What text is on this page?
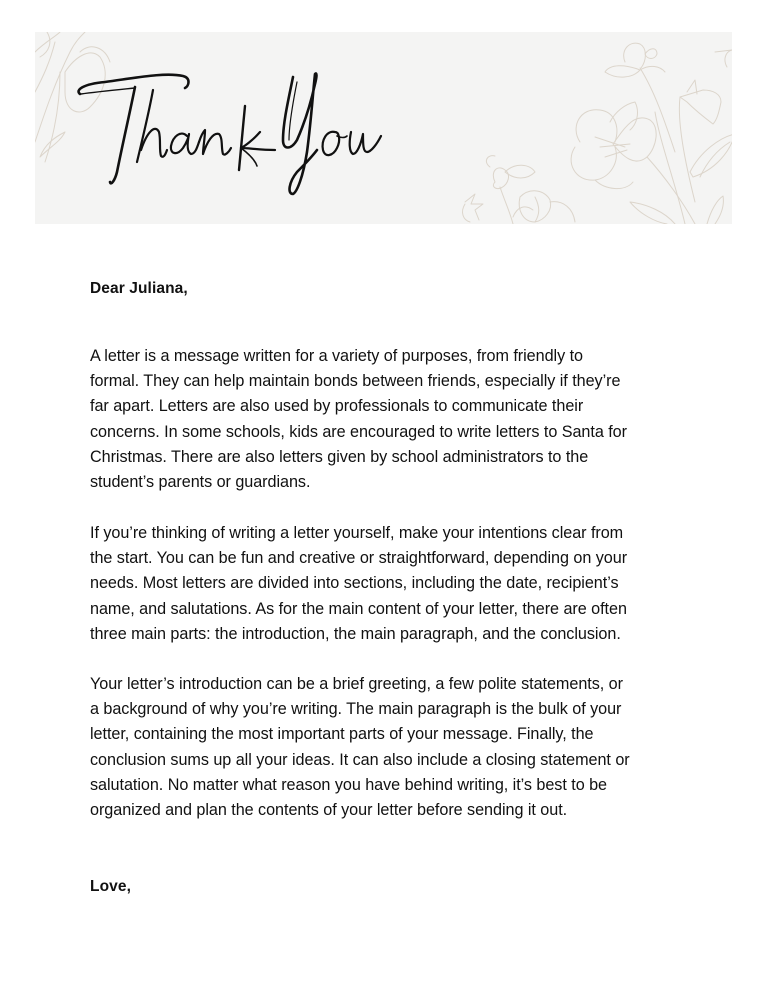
Dear Juliana,

A letter is a message written for a variety of purposes, from friendly to
formal. They can help maintain bonds between friends, especially if they’re
far apart. Letters are also used by professionals to communicate their
concerns. In some schools, kids are encouraged to write letters to Santa for
Christmas. There are also letters given by school administrators to the
student’s parents or guardians.

If you’re thinking of writing a letter yourself, make your intentions clear from
the start. You can be fun and creative or straightforward, depending on your
needs. Most letters are divided into sections, including the date, recipient’s
name, and salutations. As for the main content of your letter, there are often
three main parts: the introduction, the main paragraph, and the conclusion.

Your letter’s introduction can be a brief greeting, a few polite statements, or
a background of why you’re writing. The main paragraph is the bulk of your
letter, containing the most important parts of your message. Finally, the
conclusion sums up all your ideas. It can also include a closing statement or
salutation. No matter what reason you have behind writing, it’s best to be
organized and plan the contents of your letter before sending it out.

Love,
